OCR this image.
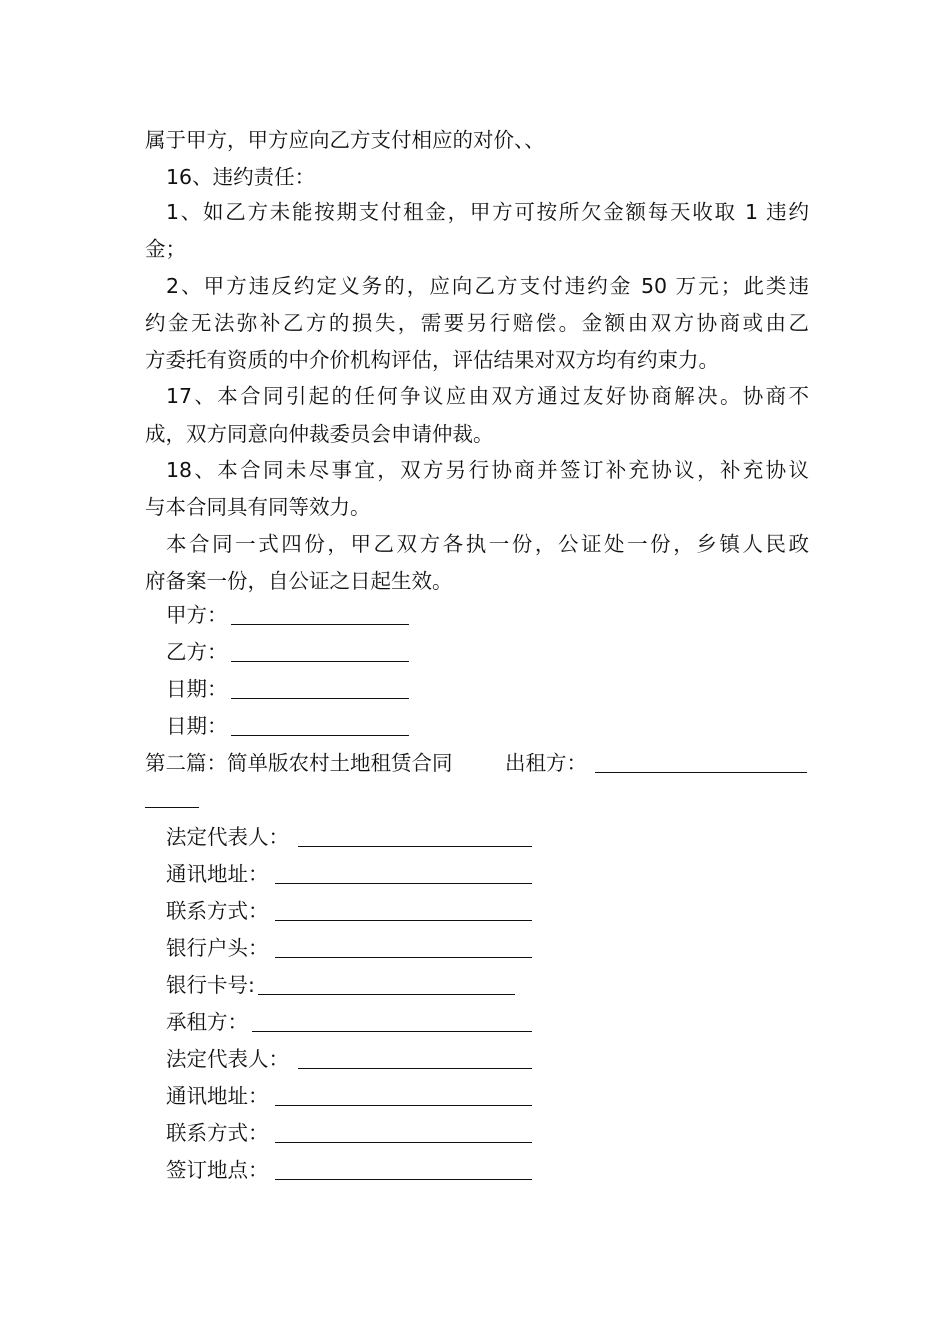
属于甲方，甲方应向乙方支付相应的对价、、
16、违约责任：
1、如乙方未能按期支付租金，甲方可按所欠金额每天收取 1 违约
金；
2、甲方违反约定义务的，应向乙方支付违约金 50 万元；此类违
约金无法弥补乙方的损失，需要另行赔偿。金额由双方协商或由乙
方委托有资质的中介价机构评估，评估结果对双方均有约束力。
17、本合同引起的任何争议应由双方通过友好协商解决。协商不
成，双方同意向仲裁委员会申请仲裁。
18、本合同未尽事宜，双方另行协商并签订补充协议，补充协议
与本合同具有同等效力。
本合同一式四份，甲乙双方各执一份，公证处一份，乡镇人民政
府备案一份，自公证之日起生效。
甲方：
乙方：
日期：
日期：
第二篇：简单版农村土地租赁合同	出租方：
法定代表人：
通讯地址：
联系方式：
银行户头：
银行卡号:
承租方：
法定代表人：
通讯地址：
联系方式：
签订地点：
